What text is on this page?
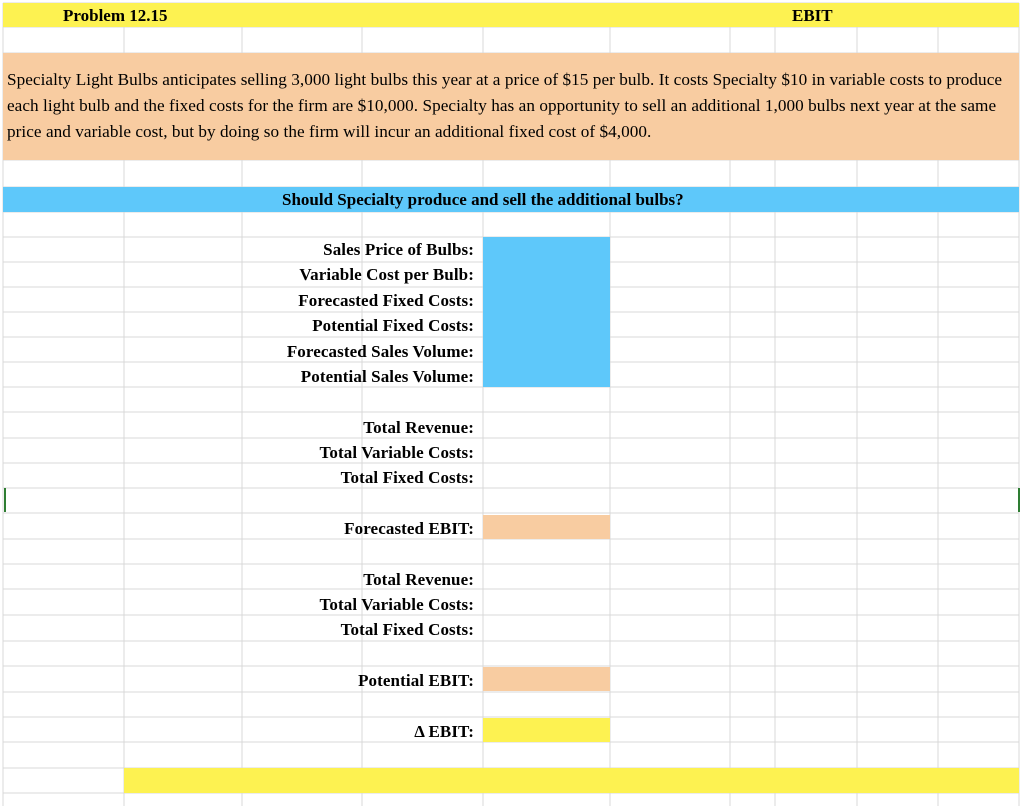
Problem 12.15	EBIT
Specialty Light Bulbs anticipates selling 3,000 light bulbs this year at a price of $15 per bulb. It costs Specialty $10 in variable costs to produce each light bulb and the fixed costs for the firm are $10,000. Specialty has an opportunity to sell an additional 1,000 bulbs next year at the same price and variable cost, but by doing so the firm will incur an additional fixed cost of $4,000.
Should Specialty produce and sell the additional bulbs?
Sales Price of Bulbs:
Variable Cost per Bulb:
Forecasted Fixed Costs:
Potential Fixed Costs:
Forecasted Sales Volume:
Potential Sales Volume:
Total Revenue:
Total Variable Costs:
Total Fixed Costs:
Forecasted EBIT:
Total Revenue:
Total Variable Costs:
Total Fixed Costs:
Potential EBIT:
Δ EBIT:
